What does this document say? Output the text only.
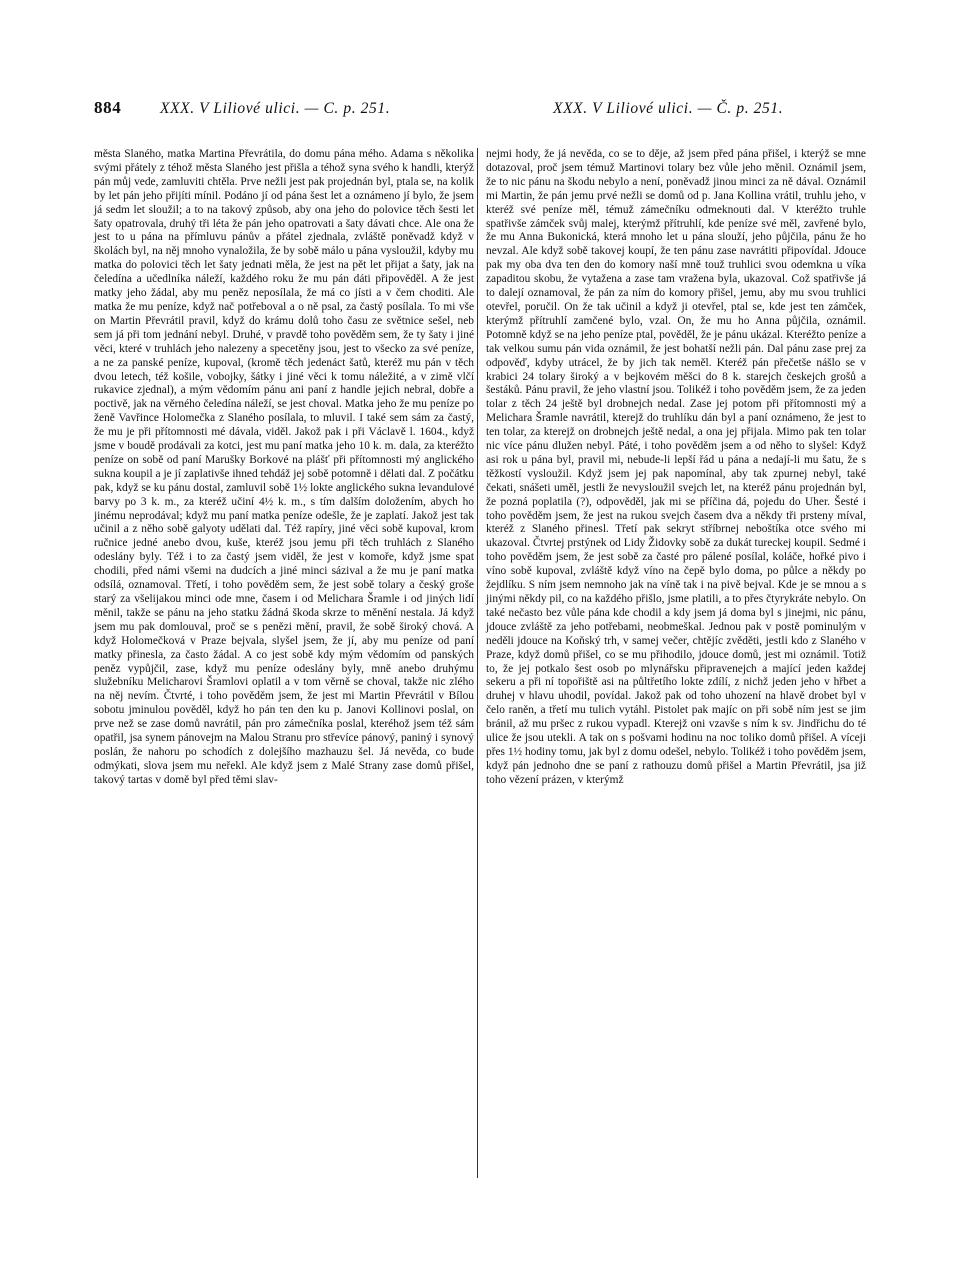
884 XXX. V Liliové ulici. — C. p. 251.	XXX. V Liliové ulici. — Č. p. 251.

města Slaného, matka Martina Převrátila, do domu pána mého. Adama s několika svými přátely z téhož města Slaného jest přišla a téhož syna svého k handli, kterýž pán můj vede, zamluviti chtěla. Prve nežli jest pak projednán byl, ptala se, na kolik by let pán jeho přijíti mínil. Podáno jí od pána šest let a oznámeno jí bylo, že jsem já sedm let sloužil; a to na takový způsob, aby ona jeho do polovice těch šesti let šaty opatrovala, druhý tři léta že pán jeho opatrovati a šaty dávati chce. Ale ona že jest to u pána na přímluvu pánův a přátel zjednala, zvláště poněvadž když v školách byl, na něj mnoho vynaložila, že by sobě málo u pána vysloužil, kdyby mu matka do polovici těch let šaty jednati měla, že jest na pět let přijat a šaty, jak na čeledína a učedlníka náleží, každého roku že mu pán dáti připověděl. A že jest matky jeho žádal, aby mu peněz neposílala, že má co jísti a v čem choditi. Ale matka že mu peníze, když nač potřeboval a o ně psal, za častý posílala. To mi vše on Martin Převrátil pravil, když do krámu dolů toho času ze světnice sešel, neb sem já při tom jednání nebyl. Druhé, v pravdě toho pověděm sem, že ty šaty i jiné věci, které v truhlách jeho nalezeny a specetěny jsou, jest to všecko za své peníze, a ne za panské peníze, kupoval, (kromě těch jedenáct šatů, kteréž mu pán v těch dvou letech, též košile, vobojky, šátky i jiné věci k tomu náležité, a v zimě vlčí rukavice zjednal), a mým vědomím pánu ani paní z handle jejich nebral, dobře a poctivě, jak na věrného čeledína náleží, se jest choval. Matka jeho že mu peníze po ženě Vavřince Holomečka z Slaného posílala, to mluvil. I také sem sám za častý, že mu je při přítomnosti mé dávala, viděl. Jakož pak i při Václavě l. 1604., když jsme v boudě prodávali za kotci, jest mu paní matka jeho 10 k. m. dala, za kteréžto peníze on sobě od paní Marušky Borkové na plášť při přítomnosti mý anglického sukna koupil a je jí zaplativše ihned tehdáž jej sobě potomně i dělati dal. Z počátku pak, když se ku pánu dostal, zamluvil sobě 1½ lokte anglického sukna levandulové barvy po 3 k. m., za kteréž učiní 4½ k. m., s tím dalším doložením, abych ho jinému neprodával; když mu paní matka peníze odešle, že je zaplatí. Jakož jest tak učinil a z něho sobě galyoty udělati dal. Též rapíry, jiné věci sobě kupoval, krom ručnice jedné anebo dvou, kuše, kteréž jsou jemu při těch truhlách z Slaného odeslány byly. Též i to za častý jsem viděl, že jest v komoře, když jsme spat chodili, před námi všemi na dudcích a jiné minci sázival a že mu je paní matka odsílá, oznamoval. Třetí, i toho pověděm sem, že jest sobě tolary a český groše starý za všelijakou minci ode mne, časem i od Melichara Šramle i od jiných lidí měnil, takže se pánu na jeho statku žádná škoda skrze to měnění nestala. Já když jsem mu pak domlouval, proč se s penězi mění, pravil, že sobě široký chová. A když Holomečková v Praze bejvala, slyšel jsem, že jí, aby mu peníze od paní matky přinesla, za často žádal. A co jest sobě kdy mým vědomím od panských peněz vypůjčil, zase, když mu peníze odeslány byly, mně anebo druhýmu služebníku Melicharovi Šramlovi oplatil a v tom věrně se choval, takže nic zlého na něj nevím. Čtvrté, i toho pověděm jsem, že jest mi Martin Převrátil v Bílou sobotu jminulou pověděl, když ho pán ten den ku p. Janovi Kollinovi poslal, on prve než se zase domů navrátil, pán pro zámečníka poslal, kteréhož jsem též sám opatřil, jsa synem pánovejm na Malou Stranu pro střevíce pánový, paniný i synový poslán, že nahoru po schodích z dolejšího mazhauzu šel. Já nevěda, co bude odmýkati, slova jsem mu neřekl. Ale když jsem z Malé Strany zase domů přišel, takový tartas v domě byl před těmi slav-

nejmi hody, že já nevěda, co se to děje, až jsem před pána přišel, i kterýž se mne dotazoval, proč jsem témuž Martinovi tolary bez vůle jeho měnil. Oznámil jsem, že to nic pánu na škodu nebylo a není, poněvadž jinou minci za ně dával. Oznámil mi Martin, že pán jemu prvé nežli se domů od p. Jana Kollina vrátil, truhlu jeho, v kteréž své peníze měl, témuž zámečníku odmeknouti dal. V kteréžto truhle spatřivše zámček svůj malej, kterýmž přítruhlí, kde peníze své měl, zavřené bylo, že mu Anna Bukonická, která mnoho let u pána slouží, jeho půjčila, pánu že ho nevzal. Ale když sobě takovej koupí, že ten pánu zase navrátiti připovídal. Jdouce pak my oba dva ten den do komory naší mně touž truhlici svou odemkna u víka zapaditou skobu, že vytažena a zase tam vražena byla, ukazoval. Což spatřivše já to dalejí oznamoval, že pán za ním do komory přišel, jemu, aby mu svou truhlici otevřel, poručil. On že tak učinil a když ji otevřel, ptal se, kde jest ten zámček, kterýmž přítruhlí zamčené bylo, vzal. On, že mu ho Anna půjčila, oznámil. Potomně když se na jeho peníze ptal, pověděl, že je pánu ukázal. Kteréžto peníze a tak velkou sumu pán vida oznámil, že jest bohatší nežli pán. Dal pánu zase prej za odpověď, kdyby utrácel, že by jich tak neměl. Kteréž pán přečetše nášlo se v krabici 24 tolary široký a v bejkovém měšci do 8 k. starejch českejch grošů a šestáků. Pánu pravil, že jeho vlastní jsou. Tolikéž i toho pověděm jsem, že za jeden tolar z těch 24 ještě byl drobnejch nedal. Zase jej potom při přítomnosti mý a Melichara Šramle navrátil, kterejž do truhlíku dán byl a paní oznámeno, že jest to ten tolar, za kterejž on drobnejch ještě nedal, a ona jej přijala. Mimo pak ten tolar nic více pánu dlužen nebyl. Páté, i toho pověděm jsem a od něho to slyšel: Když asi rok u pána byl, pravil mi, nebude-li lepší řád u pána a nedají-li mu šatu, že s těžkostí vysloužil. Když jsem jej pak napomínal, aby tak zpurnej nebyl, také čekati, snášeti uměl, jestli že nevysloužil svejch let, na kteréž pánu projednán byl, že pozná poplatila (?), odpověděl, jak mi se příčina dá, pojedu do Uher. Šesté i toho pověděm jsem, že jest na rukou svejch časem dva a někdy tři prsteny míval, kteréž z Slaného přinesl. Třetí pak sekryt stříbrnej neboštíka otce svého mi ukazoval. Čtvrtej prstýnek od Lidy Židovky sobě za dukát tureckej koupil. Sedmé i toho pověděm jsem, že jest sobě za časté pro pálené posílal, koláče, hořké pivo i víno sobě kupoval, zvláště když víno na čepě bylo doma, po půlce a někdy po žejdlíku. S ním jsem nemnoho jak na víně tak i na pivě bejval. Kde je se mnou a s jinými někdy pil, co na každého přišlo, jsme platili, a to přes čtyrykráte nebylo. On také nečasto bez vůle pána kde chodil a kdy jsem já doma byl s jinejmi, nic pánu, jdouce zvláště za jeho potřebami, neobmeškal. Jednou pak v postě pominulým v neděli jdouce na Koňský trh, v samej večer, chtějíc zvěděti, jestli kdo z Slaného v Praze, když domů přišel, co se mu přihodilo, jdouce domů, jest mi oznámil. Totiž to, že jej potkalo šest osob po mlynářsku připravenejch a mající jeden každej sekeru a při ní topořiště asi na půltřetího lokte zdílí, z nichž jeden jeho v hřbet a druhej v hlavu uhodil, povídal. Jakož pak od toho uhození na hlavě drobet byl v čelo raněn, a třetí mu tulich vytáhl. Pistolet pak majíc on při sobě ním jest se jim bránil, až mu pršec z rukou vypadl. Kterejž oni vzavše s ním k sv. Jindřichu do té ulice že jsou utekli. A tak on s pošvami hodinu na noc toliko domů přišel. A víceji přes 1½ hodiny tomu, jak byl z domu odešel, nebylo. Tolikéž i toho pověděm jsem, když pán jednoho dne se paní z rathouzu domů přišel a Martin Převrátil, jsa již toho vězení prázen, v kterýmž
